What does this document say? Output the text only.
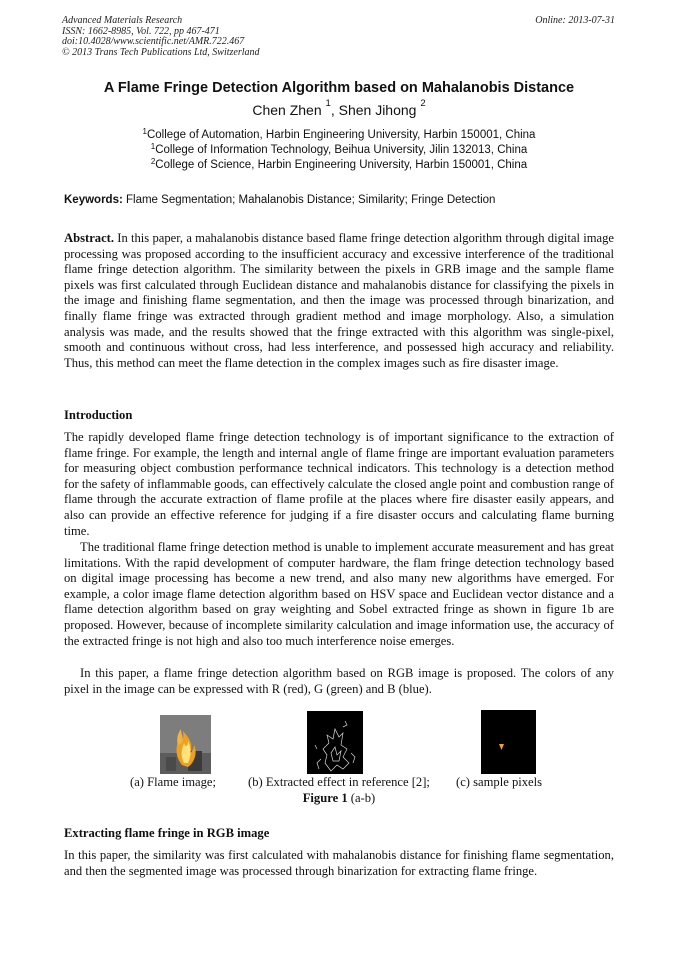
Advanced Materials Research
ISSN: 1662-8985, Vol. 722, pp 467-471
doi:10.4028/www.scientific.net/AMR.722.467
© 2013 Trans Tech Publications Ltd, Switzerland
Online: 2013-07-31
A Flame Fringe Detection Algorithm based on Mahalanobis Distance
Chen Zhen $^1$, Shen Jihong $^2$
$^1$College of Automation, Harbin Engineering University, Harbin 150001, China
$^1$College of Information Technology, Beihua University, Jilin 132013, China
$^2$College of Science, Harbin Engineering University, Harbin 150001, China
Keywords: Flame Segmentation; Mahalanobis Distance; Similarity; Fringe Detection

Abstract. In this paper, a mahalanobis distance based flame fringe detection algorithm through digital image processing was proposed according to the insufficient accuracy and excessive interference of the traditional flame fringe detection algorithm. The similarity between the pixels in GRB image and the sample flame pixels was first calculated through Euclidean distance and mahalanobis distance for classifying the pixels in the image and finishing flame segmentation, and then the image was processed through binarization, and finally flame fringe was extracted through gradient method and image morphology. Also, a simulation analysis was made, and the results showed that the fringe extracted with this algorithm was single-pixel, smooth and continuous without cross, had less interference, and possessed high accuracy and reliability. Thus, this method can meet the flame detection in the complex images such as fire disaster image.

Introduction

The rapidly developed flame fringe detection technology is of important significance to the extraction of flame fringe. For example, the length and internal angle of flame fringe are important evaluation parameters for measuring object combustion performance technical indicators. This technology is a detection method for the safety of inflammable goods, can effectively calculate the closed angle point and combustion range of flame through the accurate extraction of flame profile at the places where fire disaster easily appears, and also can provide an effective reference for judging if a fire disaster occurs and calculating flame burning time.

The traditional flame fringe detection method is unable to implement accurate measurement and has great limitations. With the rapid development of computer hardware, the flam fringe detection technology based on digital image processing has become a new trend, and also many new algorithms have emerged. For example, a color image flame detection algorithm based on HSV space and Euclidean vector distance and a flame detection algorithm based on gray weighting and Sobel extracted fringe as shown in figure 1b are proposed. However, because of incomplete similarity calculation and image information use, the accuracy of the extracted fringe is not high and also too much interference noise emerges.

In this paper, a flame fringe detection algorithm based on RGB image is proposed. The colors of any pixel in the image can be expressed with R (red), G (green) and B (blue).

(a) Flame image;	(b) Extracted effect in reference [2]; (c) sample pixels
Figure 1 (a-b)
Extracting flame fringe in RGB image

In this paper, the similarity was first calculated with mahalanobis distance for finishing flame segmentation, and then the segmented image was processed through binarization for extracting flame fringe.
